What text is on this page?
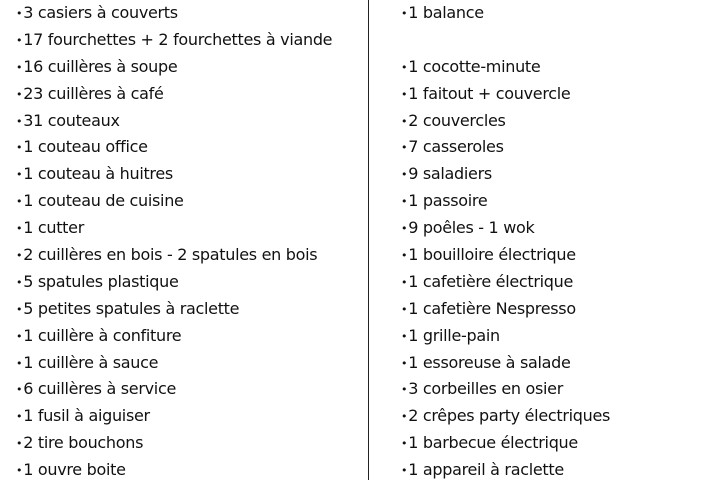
•3 casiers à couverts
•17 fourchettes + 2 fourchettes à viande
•16 cuillères à soupe
•23 cuillères à café
•31 couteaux
•1 couteau office
•1 couteau à huitres
•1 couteau de cuisine
•1 cutter
•2 cuillères en bois - 2 spatules en bois
•5 spatules plastique
•5 petites spatules à raclette
•1 cuillère à confiture
•1 cuillère à sauce
•6 cuillères à service
•1 fusil à aiguiser
•2 tire bouchons
•1 ouvre boite
•1 balance
•1 cocotte-minute
•1 faitout + couvercle
•2 couvercles
•7 casseroles
•9 saladiers
•1 passoire
•9 poêles - 1 wok
•1 bouilloire électrique
•1 cafetière électrique
•1 cafetière Nespresso
•1 grille-pain
•1 essoreuse à salade
•3 corbeilles en osier
•2 crêpes party électriques
•1 barbecue électrique
•1 appareil à raclette
